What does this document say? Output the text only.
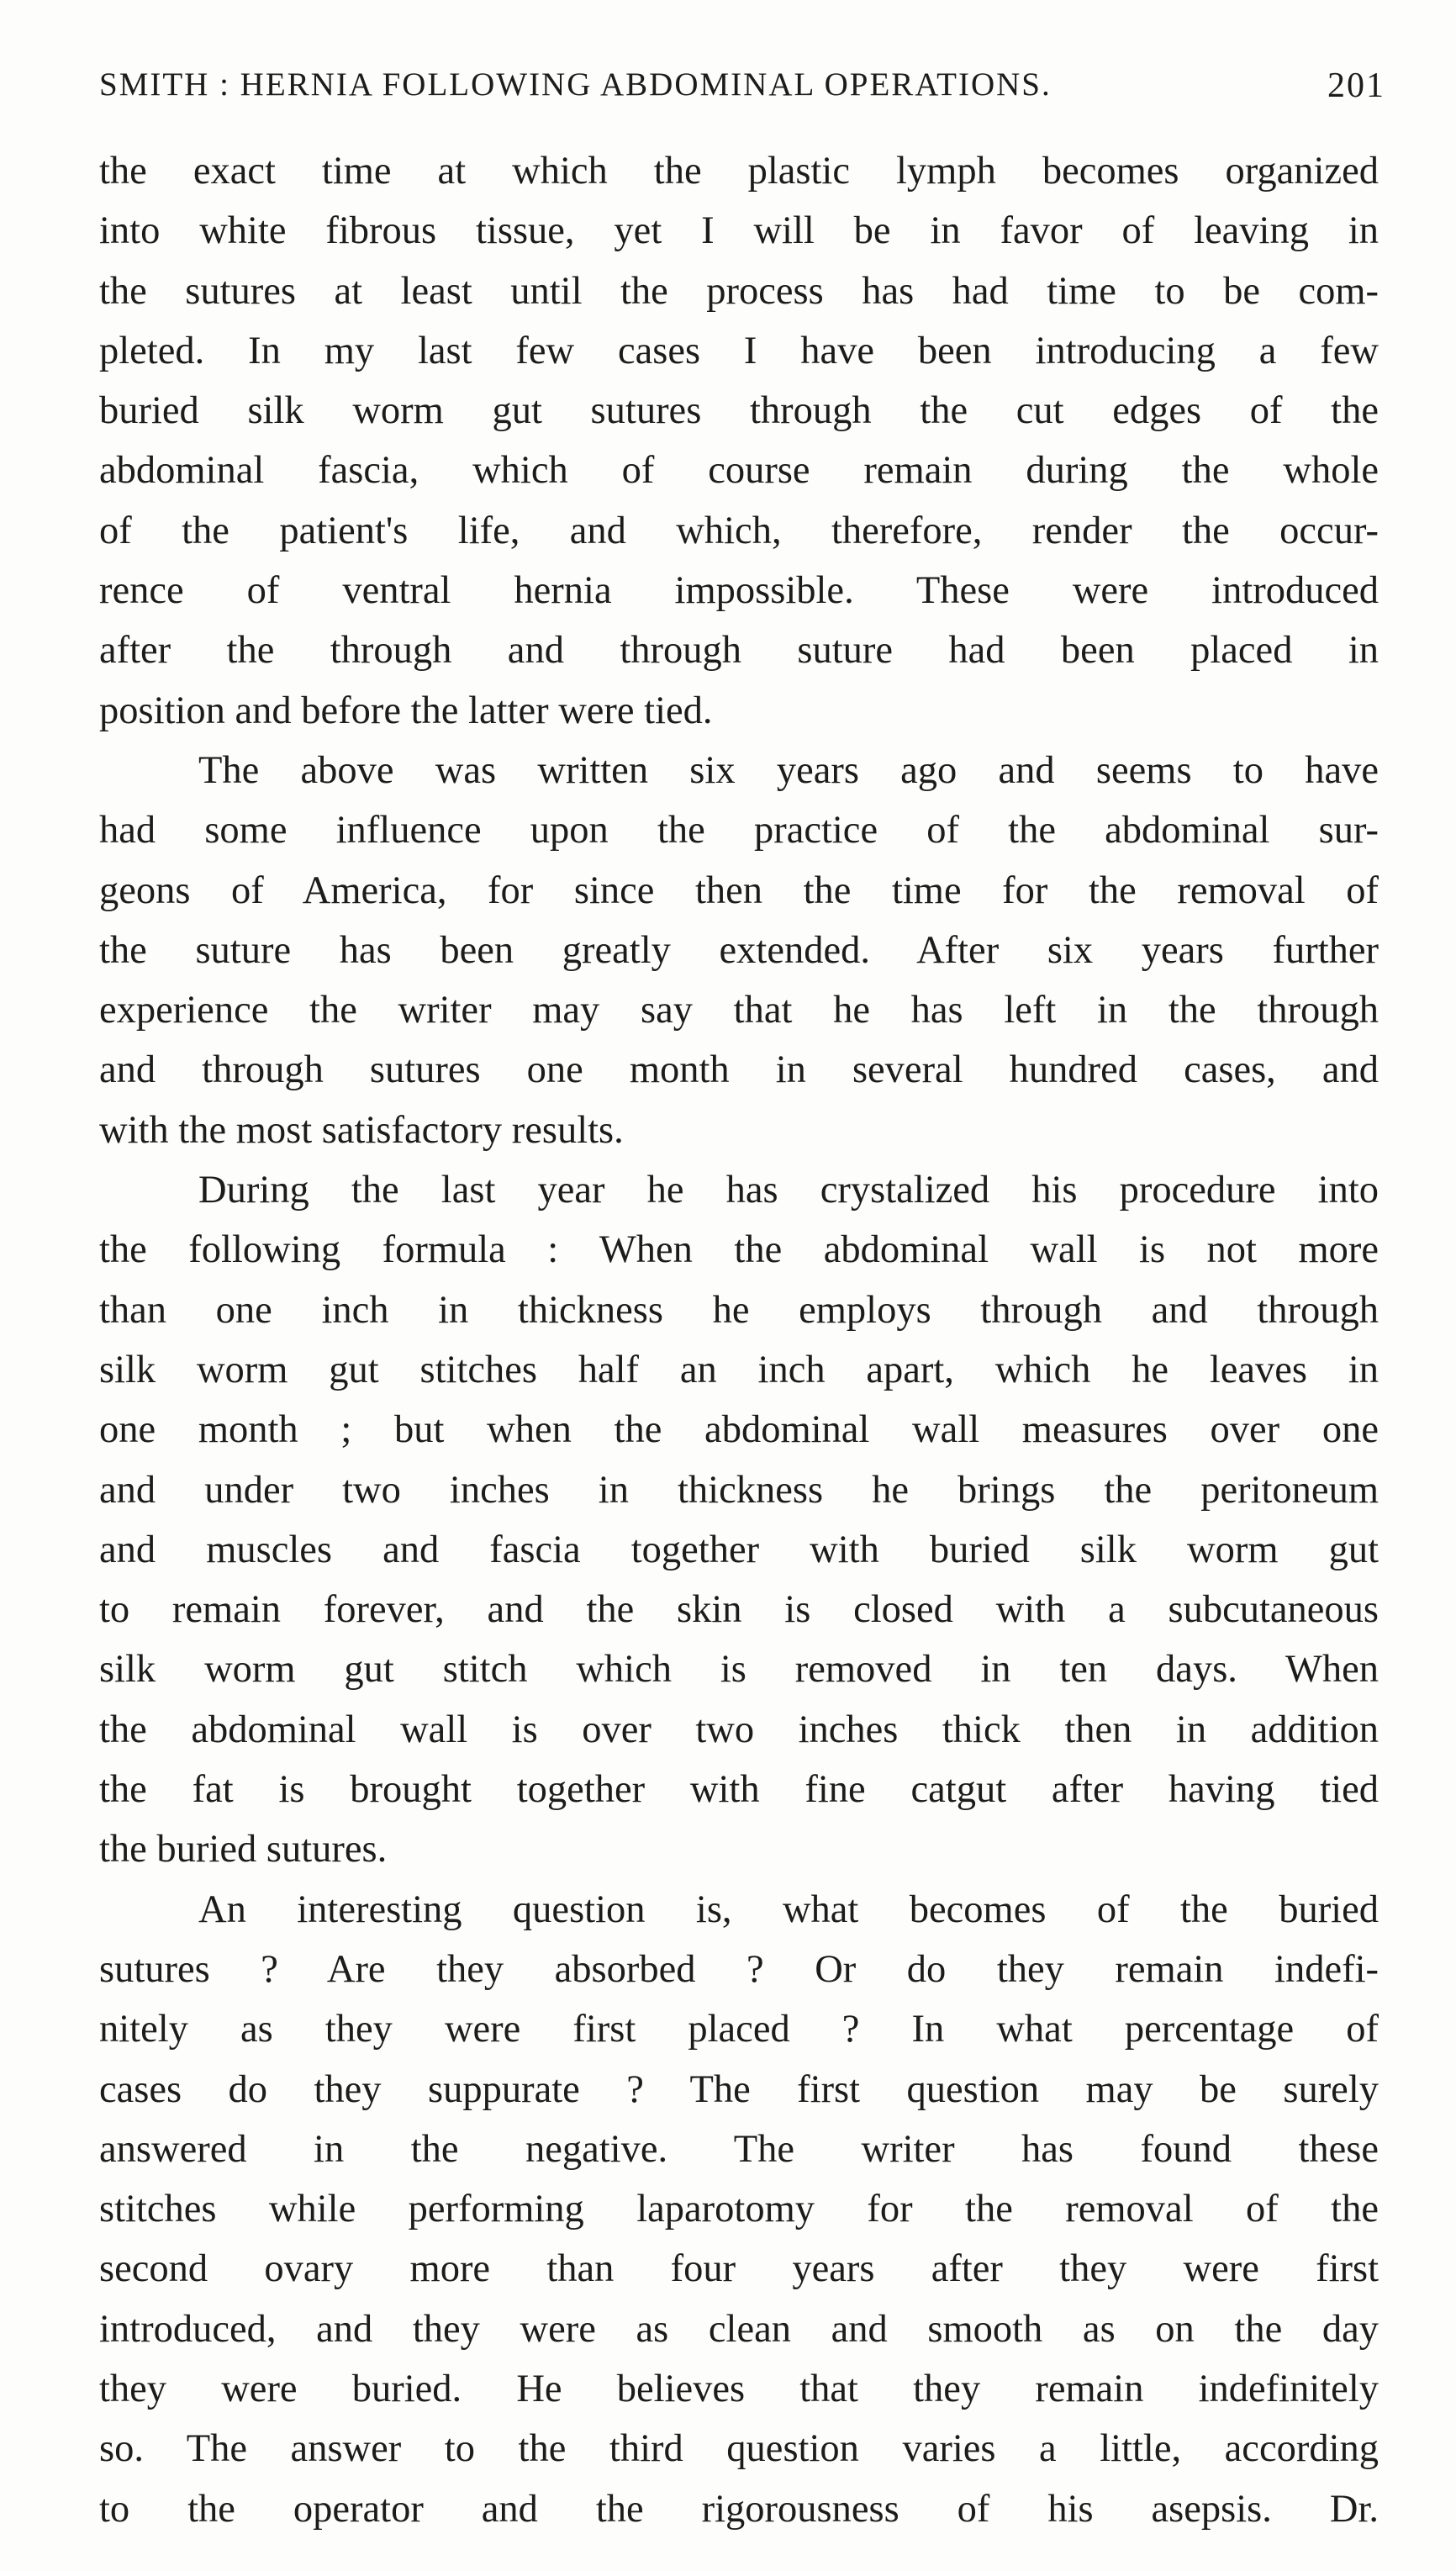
SMITH : HERNIA FOLLOWING ABDOMINAL OPERATIONS.	201
the exact time at which the plastic lymph becomes organized
into white fibrous tissue, yet I will be in favor of leaving in
the sutures at least until the process has had time to be com-
pleted. In my last few cases I have been introducing a few
buried silk worm gut sutures through the cut edges of the
abdominal fascia, which of course remain during the whole
of the patient's life, and which, therefore, render the occur-
rence of ventral hernia impossible. These were introduced
after the through and through suture had been placed in
position and before the latter were tied.
The above was written six years ago and seems to have
had some influence upon the practice of the abdominal sur-
geons of America, for since then the time for the removal of
the suture has been greatly extended. After six years further
experience the writer may say that he has left in the through
and through sutures one month in several hundred cases, and
with the most satisfactory results.
During the last year he has crystalized his procedure into
the following formula : When the abdominal wall is not more
than one inch in thickness he employs through and through
silk worm gut stitches half an inch apart, which he leaves in
one month ; but when the abdominal wall measures over one
and under two inches in thickness he brings the peritoneum
and muscles and fascia together with buried silk worm gut
to remain forever, and the skin is closed with a subcutaneous
silk worm gut stitch which is removed in ten days. When
the abdominal wall is over two inches thick then in addition
the fat is brought together with fine catgut after having tied
the buried sutures.
An interesting question is, what becomes of the buried
sutures ? Are they absorbed ? Or do they remain indefi-
nitely as they were first placed ? In what percentage of
cases do they suppurate ? The first question may be surely
answered in the negative. The writer has found these
stitches while performing laparotomy for the removal of the
second ovary more than four years after they were first
introduced, and they were as clean and smooth as on the day
they were buried. He believes that they remain indefinitely
so. The answer to the third question varies a little, according
to the operator and the rigorousness of his asepsis. Dr.
